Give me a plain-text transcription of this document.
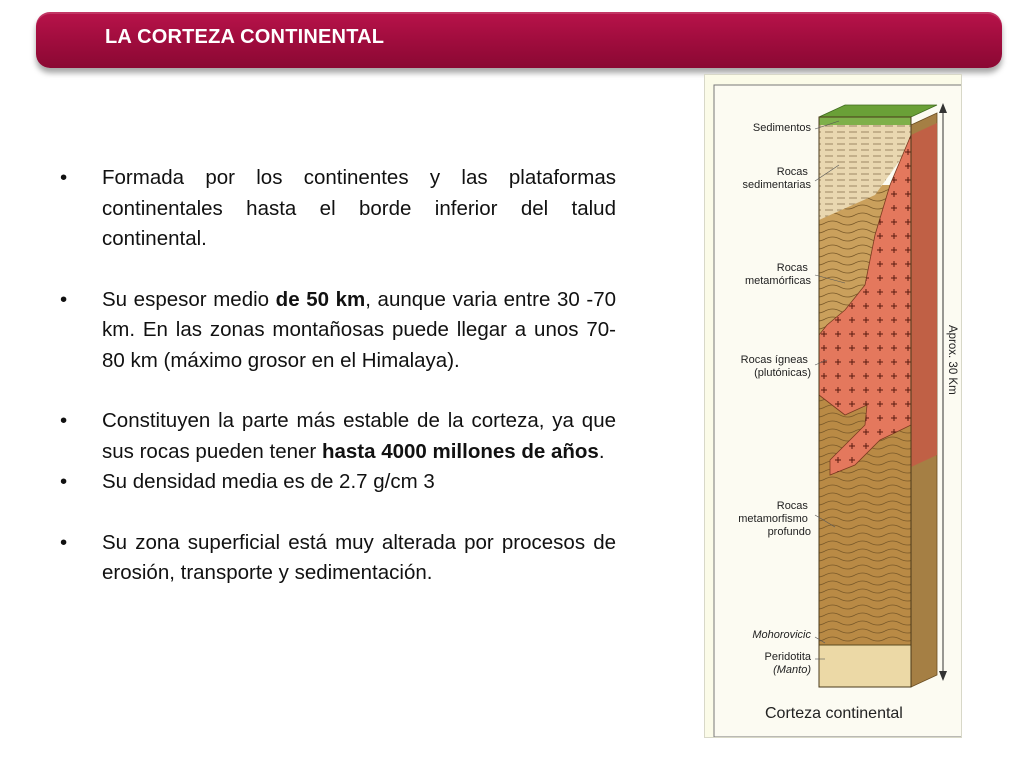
LA CORTEZA CONTINENTAL
• Formada por los continentes y las plataformas continentales hasta el borde inferior del talud continental.
• Su espesor medio de 50 km, aunque varia entre 30 -70 km. En las zonas montañosas puede llegar a unos 70-80 km (máximo grosor en el Himalaya).
• Constituyen la parte más estable de la corteza, ya que sus rocas pueden tener hasta 4000 millones de años.
• Su densidad media es de 2.7 g/cm 3
• Su zona superficial está muy alterada por procesos de erosión, transporte y sedimentación.
Aprox. 30 Km
Sedimentos
Rocas sedimentarias
Rocas metamórficas
Rocas ígneas (plutónicas)
Rocas metamorfismo profundo
Mohorovicic
Peridotita
(Manto)
Corteza continental
